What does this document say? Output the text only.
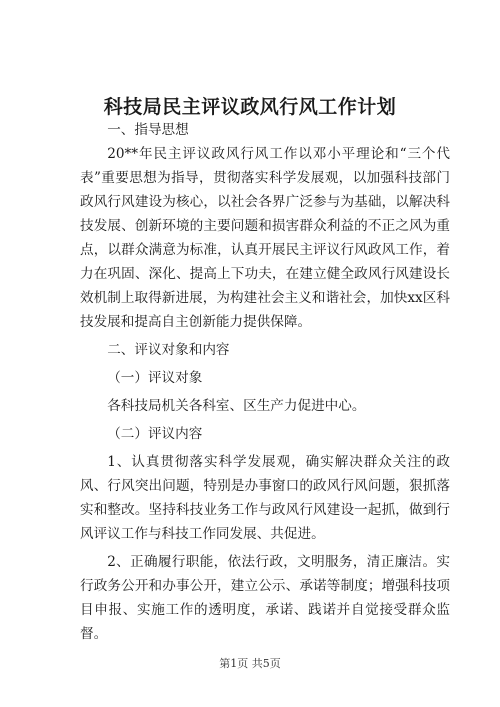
科技局民主评议政风行风工作计划

一、指导思想

20**年民主评议政风行风工作以邓小平理论和“三个代表”重要思想为指导，贯彻落实科学发展观，以加强科技部门政风行风建设为核心，以社会各界广泛参与为基础，以解决科技发展、创新环境的主要问题和损害群众利益的不正之风为重点，以群众满意为标准，认真开展民主评议行风政风工作，着力在巩固、深化、提高上下功夫，在建立健全政风行风建设长效机制上取得新进展，为构建社会主义和谐社会，加快xx区科技发展和提高自主创新能力提供保障。

二、评议对象和内容

（一）评议对象

各科技局机关各科室、区生产力促进中心。

（二）评议内容

1、认真贯彻落实科学发展观，确实解决群众关注的政风、行风突出问题，特别是办事窗口的政风行风问题，狠抓落实和整改。坚持科技业务工作与政风行风建设一起抓，做到行风评议工作与科技工作同发展、共促进。

2、正确履行职能，依法行政，文明服务，清正廉洁。实行政务公开和办事公开，建立公示、承诺等制度；增强科技项目申报、实施工作的透明度，承诺、践诺并自觉接受群众监督。

第1页 共5页
